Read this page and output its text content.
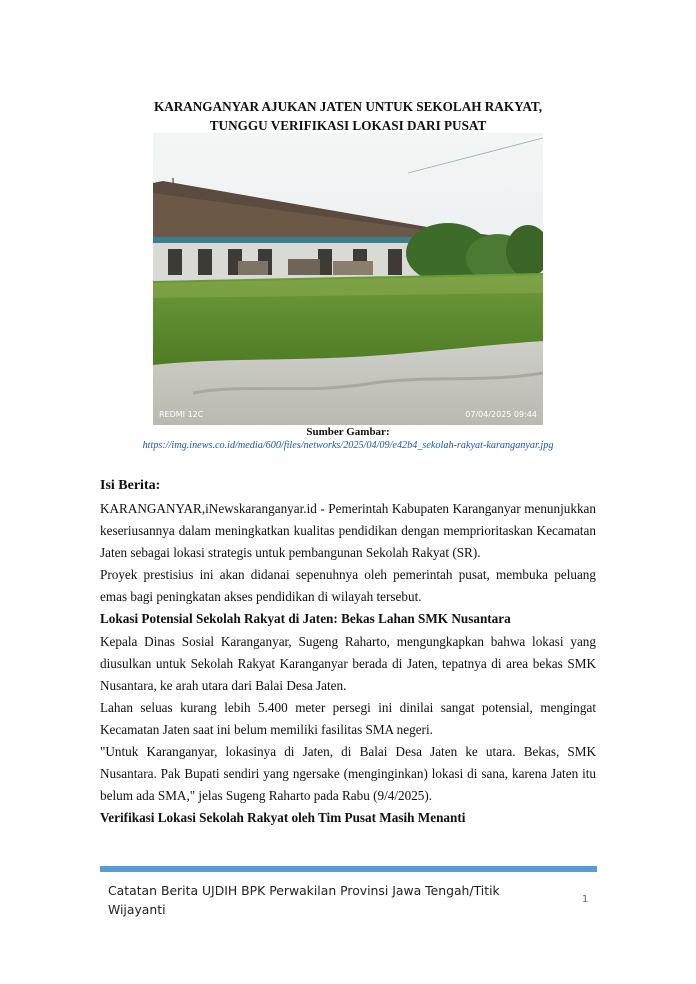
KARANGANYAR AJUKAN JATEN UNTUK SEKOLAH RAKYAT,
TUNGGU VERIFIKASI LOKASI DARI PUSAT
REDMI 12C	07/04/2025 09:44
Sumber Gambar:
https://img.inews.co.id/media/600/files/networks/2025/04/09/e42b4_sekolah-rakyat-karanganyar.jpg

Isi Berita:

KARANGANYAR,iNewskaranganyar.id - Pemerintah Kabupaten Karanganyar menunjukkan keseriusannya dalam meningkatkan kualitas pendidikan dengan memprioritaskan Kecamatan Jaten sebagai lokasi strategis untuk pembangunan Sekolah Rakyat (SR).

Proyek prestisius ini akan didanai sepenuhnya oleh pemerintah pusat, membuka peluang emas bagi peningkatan akses pendidikan di wilayah tersebut.

Lokasi Potensial Sekolah Rakyat di Jaten: Bekas Lahan SMK Nusantara

Kepala Dinas Sosial Karanganyar, Sugeng Raharto, mengungkapkan bahwa lokasi yang diusulkan untuk Sekolah Rakyat Karanganyar berada di Jaten, tepatnya di area bekas SMK Nusantara, ke arah utara dari Balai Desa Jaten.

Lahan seluas kurang lebih 5.400 meter persegi ini dinilai sangat potensial, mengingat Kecamatan Jaten saat ini belum memiliki fasilitas SMA negeri.

"Untuk Karanganyar, lokasinya di Jaten, di Balai Desa Jaten ke utara. Bekas, SMK Nusantara. Pak Bupati sendiri yang ngersake (menginginkan) lokasi di sana, karena Jaten itu belum ada SMA," jelas Sugeng Raharto pada Rabu (9/4/2025).

Verifikasi Lokasi Sekolah Rakyat oleh Tim Pusat Masih Menanti

Catatan Berita UJDIH BPK Perwakilan Provinsi Jawa Tengah/Titik Wijayanti
1
